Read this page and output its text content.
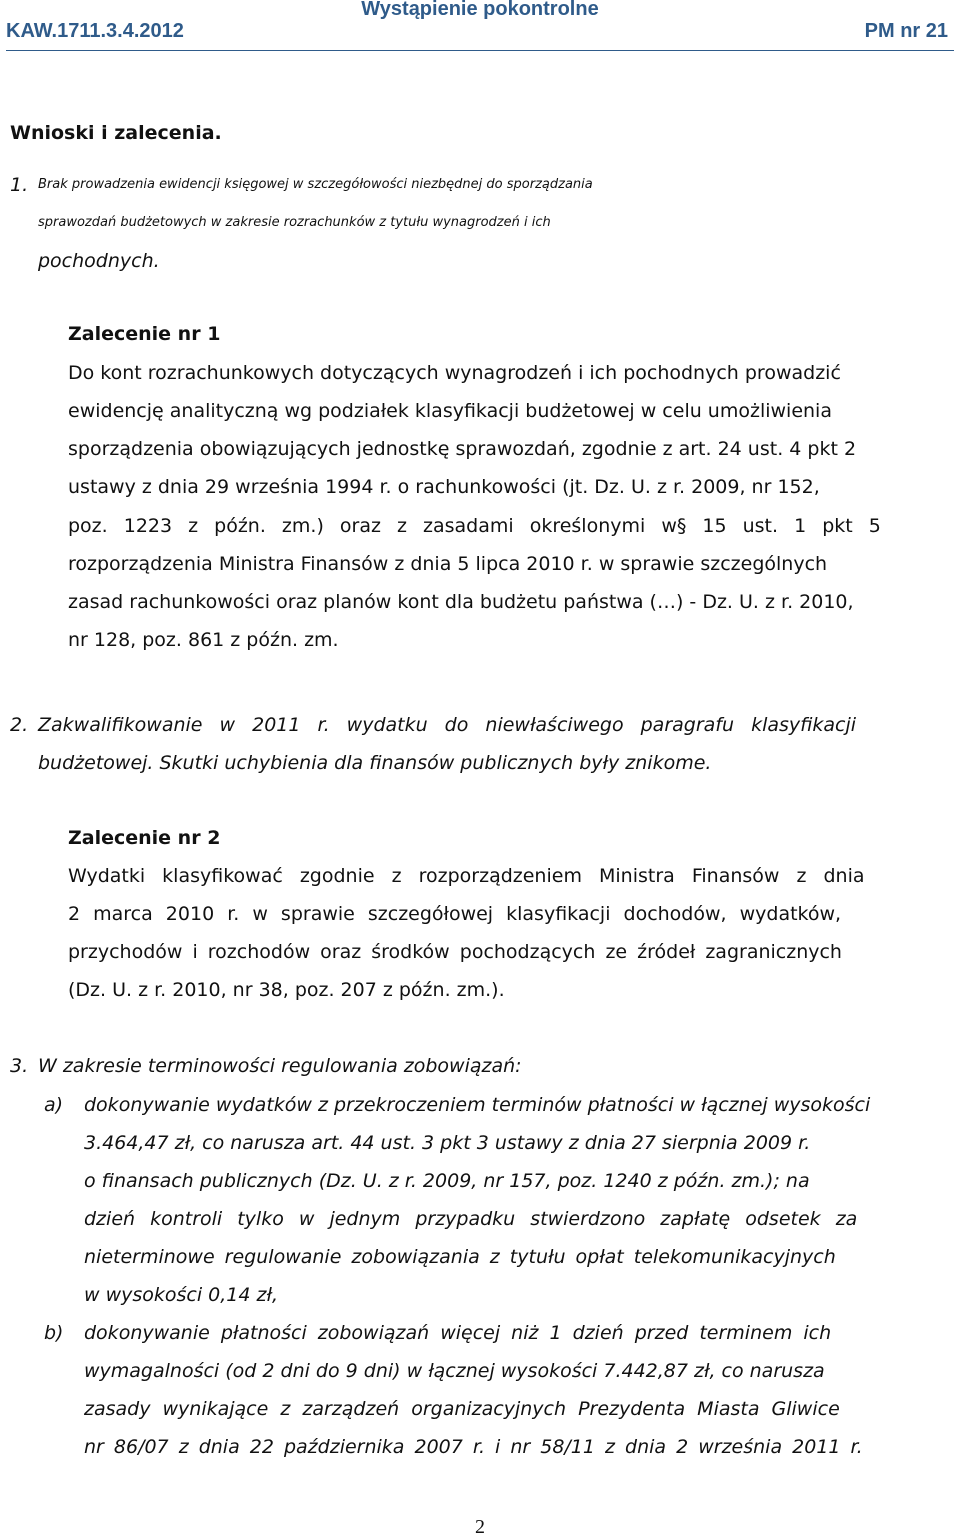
KAW.1711.3.4.2012
Wystąpienie pokontrolne
PM nr 21
Wnioski i zalecenia.
1. Brak prowadzenia ewidencji księgowej w szczegółowości niezbędnej do sporządzania
sprawozdań budżetowych w zakresie rozrachunków z tytułu wynagrodzeń i ich
pochodnych.
Zalecenie nr 1
Do kont rozrachunkowych dotyczących wynagrodzeń i ich pochodnych prowadzić
ewidencję analityczną wg podziałek klasyfikacji budżetowej w celu umożliwienia
sporządzenia obowiązujących jednostkę sprawozdań, zgodnie z art. 24 ust. 4 pkt 2
ustawy z dnia 29 września 1994 r. o rachunkowości (jt. Dz. U. z r. 2009, nr 152,
poz. 1223 z późn. zm.) oraz z zasadami określonymi w§ 15 ust. 1 pkt 5
rozporządzenia Ministra Finansów z dnia 5 lipca 2010 r. w sprawie szczególnych
zasad rachunkowości oraz planów kont dla budżetu państwa (…) - Dz. U. z r. 2010,
nr 128, poz. 861 z późn. zm.
2. Zakwalifikowanie w 2011 r. wydatku do niewłaściwego paragrafu klasyfikacji
budżetowej. Skutki uchybienia dla finansów publicznych były znikome.
Zalecenie nr 2
Wydatki klasyfikować zgodnie z rozporządzeniem Ministra Finansów z dnia
2 marca 2010 r. w sprawie szczegółowej klasyfikacji dochodów, wydatków,
przychodów i rozchodów oraz środków pochodzących ze źródeł zagranicznych
(Dz. U. z r. 2010, nr 38, poz. 207 z późn. zm.).
3. W zakresie terminowości regulowania zobowiązań:
a) dokonywanie wydatków z przekroczeniem terminów płatności w łącznej wysokości
3.464,47 zł, co narusza art. 44 ust. 3 pkt 3 ustawy z dnia 27 sierpnia 2009 r.
o finansach publicznych (Dz. U. z r. 2009, nr 157, poz. 1240 z późn. zm.); na
dzień kontroli tylko w jednym przypadku stwierdzono zapłatę odsetek za
nieterminowe regulowanie zobowiązania z tytułu opłat telekomunikacyjnych
w wysokości 0,14 zł,
b) dokonywanie płatności zobowiązań więcej niż 1 dzień przed terminem ich
wymagalności (od 2 dni do 9 dni) w łącznej wysokości 7.442,87 zł, co narusza
zasady wynikające z zarządzeń organizacyjnych Prezydenta Miasta Gliwice
nr 86/07 z dnia 22 października 2007 r. i nr 58/11 z dnia 2 września 2011 r.
2
